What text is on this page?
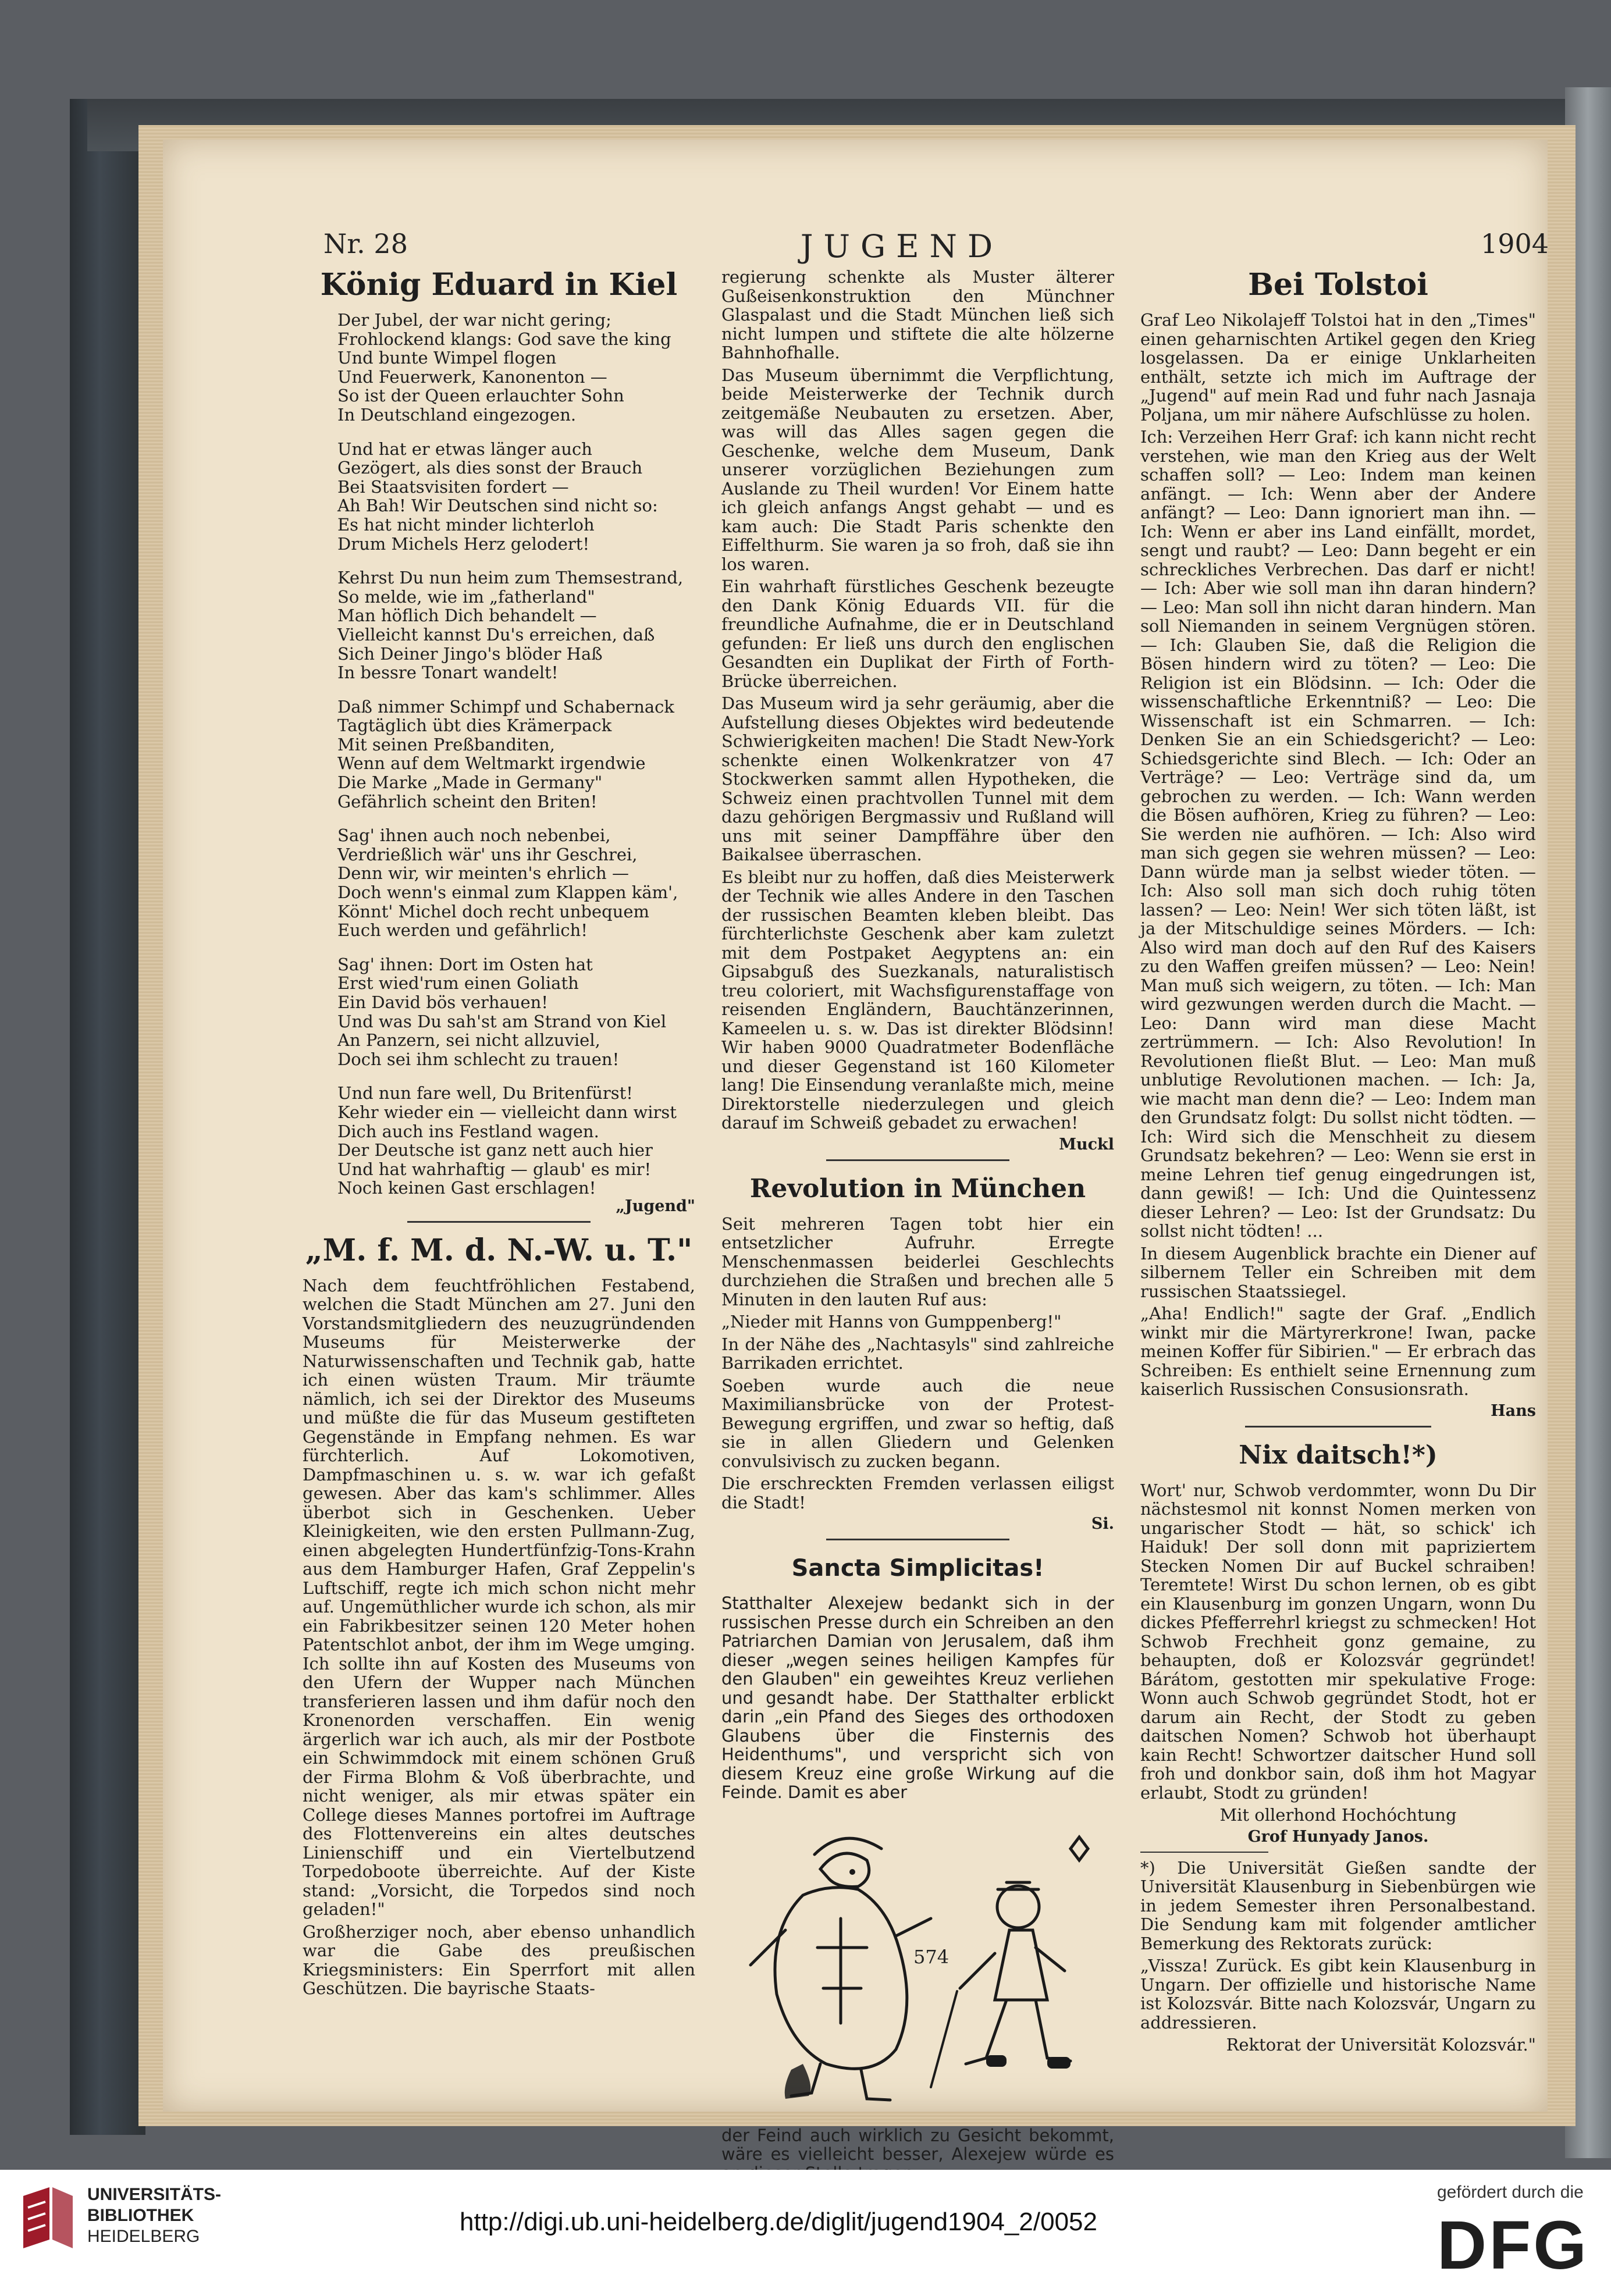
Nr. 28	JUGEND	1904
König Eduard in Kiel
Der Jubel, der war nicht gering;
Frohlockend klangs: God save the king
Und bunte Wimpel flogen
Und Feuerwerk, Kanonenton —
So ist der Queen erlauchter Sohn
In Deutschland eingezogen.
Und hat er etwas länger auch
Gezögert, als dies sonst der Brauch
Bei Staatsvisiten fordert —
Ah Bah! Wir Deutschen sind nicht so:
Es hat nicht minder lichterloh
Drum Michels Herz gelodert!
Kehrst Du nun heim zum Themsestrand,
So melde, wie im „fatherland"
Man höflich Dich behandelt —
Vielleicht kannst Du's erreichen, daß
Sich Deiner Jingo's blöder Haß
In bessre Tonart wandelt!
Daß nimmer Schimpf und Schabernack
Tagtäglich übt dies Krämerpack
Mit seinen Preßbanditen,
Wenn auf dem Weltmarkt irgendwie
Die Marke „Made in Germany"
Gefährlich scheint den Briten!
Sag' ihnen auch noch nebenbei,
Verdrießlich wär' uns ihr Geschrei,
Denn wir, wir meinten's ehrlich —
Doch wenn's einmal zum Klappen käm',
Könnt' Michel doch recht unbequem
Euch werden und gefährlich!
Sag' ihnen: Dort im Osten hat
Erst wied'rum einen Goliath
Ein David bös verhauen!
Und was Du sah'st am Strand von Kiel
An Panzern, sei nicht allzuviel,
Doch sei ihm schlecht zu trauen!
Und nun fare well, Du Britenfürst!
Kehr wieder ein — vielleicht dann wirst
Dich auch ins Festland wagen.
Der Deutsche ist ganz nett auch hier
Und hat wahrhaftig — glaub' es mir!
Noch keinen Gast erschlagen!
„Jugend"
„M. f. M. d. N.-W. u. T."

Nach dem feuchtfröhlichen Festabend, welchen die Stadt München am 27. Juni den Vorstandsmitgliedern des neuzugründenden Museums für Meisterwerke der Naturwissenschaften und Technik gab, hatte ich einen wüsten Traum. Mir träumte nämlich, ich sei der Direktor des Museums und müßte die für das Museum gestifteten Gegenstände in Empfang nehmen. Es war fürchterlich. Auf Lokomotiven, Dampfmaschinen u. s. w. war ich gefaßt gewesen. Aber das kam's schlimmer. Alles überbot sich in Geschenken. Ueber Kleinigkeiten, wie den ersten Pullmann-Zug, einen abgelegten Hundertfünfzig-Tons-Krahn aus dem Hamburger Hafen, Graf Zeppelin's Luftschiff, regte ich mich schon nicht mehr auf. Ungemüthlicher wurde ich schon, als mir ein Fabrikbesitzer seinen 120 Meter hohen Patentschlot anbot, der ihm im Wege umging. Ich sollte ihn auf Kosten des Museums von den Ufern der Wupper nach München transferieren lassen und ihm dafür noch den Kronenorden verschaffen. Ein wenig ärgerlich war ich auch, als mir der Postbote ein Schwimmdock mit einem schönen Gruß der Firma Blohm & Voß überbrachte, und nicht weniger, als mir etwas später ein College dieses Mannes portofrei im Auftrage des Flottenvereins ein altes deutsches Linienschiff und ein Viertelbutzend Torpedoboote überreichte. Auf der Kiste stand: „Vorsicht, die Torpedos sind noch geladen!"

Großherziger noch, aber ebenso unhandlich war die Gabe des preußischen Kriegsministers: Ein Sperrfort mit allen Geschützen. Die bayrische Staats-

regierung schenkte als Muster älterer Gußeisenkonstruktion den Münchner Glaspalast und die Stadt München ließ sich nicht lumpen und stiftete die alte hölzerne Bahnhofhalle.

Das Museum übernimmt die Verpflichtung, beide Meisterwerke der Technik durch zeitgemäße Neubauten zu ersetzen. Aber, was will das Alles sagen gegen die Geschenke, welche dem Museum, Dank unserer vorzüglichen Beziehungen zum Auslande zu Theil wurden! Vor Einem hatte ich gleich anfangs Angst gehabt — und es kam auch: Die Stadt Paris schenkte den Eiffelthurm. Sie waren ja so froh, daß sie ihn los waren.

Ein wahrhaft fürstliches Geschenk bezeugte den Dank König Eduards VII. für die freundliche Aufnahme, die er in Deutschland gefunden: Er ließ uns durch den englischen Gesandten ein Duplikat der Firth of Forth-Brücke überreichen.

Das Museum wird ja sehr geräumig, aber die Aufstellung dieses Objektes wird bedeutende Schwierigkeiten machen! Die Stadt New-York schenkte einen Wolkenkratzer von 47 Stockwerken sammt allen Hypotheken, die Schweiz einen prachtvollen Tunnel mit dem dazu gehörigen Bergmassiv und Rußland will uns mit seiner Dampffähre über den Baikalsee überraschen.

Es bleibt nur zu hoffen, daß dies Meisterwerk der Technik wie alles Andere in den Taschen der russischen Beamten kleben bleibt. Das fürchterlichste Geschenk aber kam zuletzt mit dem Postpaket Aegyptens an: ein Gipsabguß des Suezkanals, naturalistisch treu coloriert, mit Wachsfigurenstaffage von reisenden Engländern, Bauchtänzerinnen, Kameelen u. s. w. Das ist direkter Blödsinn! Wir haben 9000 Quadratmeter Bodenfläche und dieser Gegenstand ist 160 Kilometer lang! Die Einsendung veranlaßte mich, meine Direktorstelle niederzulegen und gleich darauf im Schweiß gebadet zu erwachen!

Muckl
Revolution in München

Seit mehreren Tagen tobt hier ein entsetzlicher Aufruhr. Erregte Menschenmassen beiderlei Geschlechts durchziehen die Straßen und brechen alle 5 Minuten in den lauten Ruf aus:

„Nieder mit Hanns von Gumppenberg!"

In der Nähe des „Nachtasyls" sind zahlreiche Barrikaden errichtet.

Soeben wurde auch die neue Maximiliansbrücke von der Protest-Bewegung ergriffen, und zwar so heftig, daß sie in allen Gliedern und Gelenken convulsivisch zu zucken begann.

Die erschreckten Fremden verlassen eiligst die Stadt!

Si.
Sancta Simplicitas!

Statthalter Alexejew bedankt sich in der russischen Presse durch ein Schreiben an den Patriarchen Damian von Jerusalem, daß ihm dieser „wegen seines heiligen Kampfes für den Glauben" ein geweihtes Kreuz verliehen und gesandt habe. Der Statthalter erblickt darin „ein Pfand des Sieges des orthodoxen Glaubens über die Finsternis des Heidenthums", und verspricht sich von diesem Kreuz eine große Wirkung auf die Feinde. Damit es aber

der Feind auch wirklich zu Gesicht bekommt, wäre es vielleicht besser, Alexejew würde es

Bei Tolstoi

Graf Leo Nikolajeff Tolstoi hat in den „Times" einen geharnischten Artikel gegen den Krieg losgelassen. Da er einige Unklarheiten enthält, setzte ich mich im Auftrage der „Jugend" auf mein Rad und fuhr nach Jasnaja Poljana, um mir nähere Aufschlüsse zu holen.

Ich: Verzeihen Herr Graf: ich kann nicht recht verstehen, wie man den Krieg aus der Welt schaffen soll? — Leo: Indem man keinen anfängt. — Ich: Wenn aber der Andere anfängt? — Leo: Dann ignoriert man ihn. — Ich: Wenn er aber ins Land einfällt, mordet, sengt und raubt? — Leo: Dann begeht er ein schreckliches Verbrechen. Das darf er nicht! — Ich: Aber wie soll man ihn daran hindern? — Leo: Man soll ihn nicht daran hindern. Man soll Niemanden in seinem Vergnügen stören. — Ich: Glauben Sie, daß die Religion die Bösen hindern wird zu töten? — Leo: Die Religion ist ein Blödsinn. — Ich: Oder die wissenschaftliche Erkenntniß? — Leo: Die Wissenschaft ist ein Schmarren. — Ich: Denken Sie an ein Schiedsgericht? — Leo: Schiedsgerichte sind Blech. — Ich: Oder an Verträge? — Leo: Verträge sind da, um gebrochen zu werden. — Ich: Wann werden die Bösen aufhören, Krieg zu führen? — Leo: Sie werden nie aufhören. — Ich: Also wird man sich gegen sie wehren müssen? — Leo: Dann würde man ja selbst wieder töten. — Ich: Also soll man sich doch ruhig töten lassen? — Leo: Nein! Wer sich töten läßt, ist ja der Mitschuldige seines Mörders. — Ich: Also wird man doch auf den Ruf des Kaisers zu den Waffen greifen müssen? — Leo: Nein! Man muß sich weigern, zu töten. — Ich: Man wird gezwungen werden durch die Macht. — Leo: Dann wird man diese Macht zertrümmern. — Ich: Also Revolution! In Revolutionen fließt Blut. — Leo: Man muß unblutige Revolutionen machen. — Ich: Ja, wie macht man denn die? — Leo: Indem man den Grundsatz folgt: Du sollst nicht tödten. — Ich: Wird sich die Menschheit zu diesem Grundsatz bekehren? — Leo: Wenn sie erst in meine Lehren tief genug eingedrungen ist, dann gewiß! — Ich: Und die Quintessenz dieser Lehren? — Leo: Ist der Grundsatz: Du sollst nicht tödten! ...

In diesem Augenblick brachte ein Diener auf silbernem Teller ein Schreiben mit dem russischen Staatssiegel.

„Aha! Endlich!" sagte der Graf. „Endlich winkt mir die Märtyrerkrone! Iwan, packe meinen Koffer für Sibirien." — Er erbrach das Schreiben: Es enthielt seine Ernennung zum kaiserlich Russischen Consusionsrath.

Hans
Nix daitsch!*)

Wort' nur, Schwob verdommter, wonn Du Dir nächstesmol nit konnst Nomen merken von ungarischer Stodt — hät, so schick' ich Haiduk! Der soll donn mit papriziertem Stecken Nomen Dir auf Buckel schraiben! Teremtete! Wirst Du schon lernen, ob es gibt ein Klausenburg im gonzen Ungarn, wonn Du dickes Pfefferrehrl kriegst zu schmecken! Hot Schwob Frechheit gonz gemaine, zu behaupten, doß er Kolozsvár gegründet! Bárátom, gestotten mir spekulative Froge: Wonn auch Schwob gegründet Stodt, hot er darum ain Recht, der Stodt zu geben daitschen Nomen? Schwob hot überhaupt kain Recht! Schwortzer daitscher Hund soll froh und donkbor sain, doß ihm hot Magyar erlaubt, Stodt zu gründen!

Mit ollerhond Hochóchtung

Grof Hunyady Janos.

*) Die Universität Gießen sandte der Universität Klausenburg in Siebenbürgen wie in jedem Semester ihren Personalbestand. Die Sendung kam mit folgender amtlicher Bemerkung des Rektorats zurück:

„Vissza! Zurück. Es gibt kein Klausenburg in Ungarn. Der offizielle und historische Name ist Kolozsvár. Bitte nach Kolozsvár, Ungarn zu addressieren.

Rektorat der Universität Kolozsvár."

574
UNIVERSITÄTS-
BIBLIOTHEK
HEIDELBERG
http://digi.ub.uni-heidelberg.de/diglit/jugend1904_2/0052
gefördert durch die
DFG
